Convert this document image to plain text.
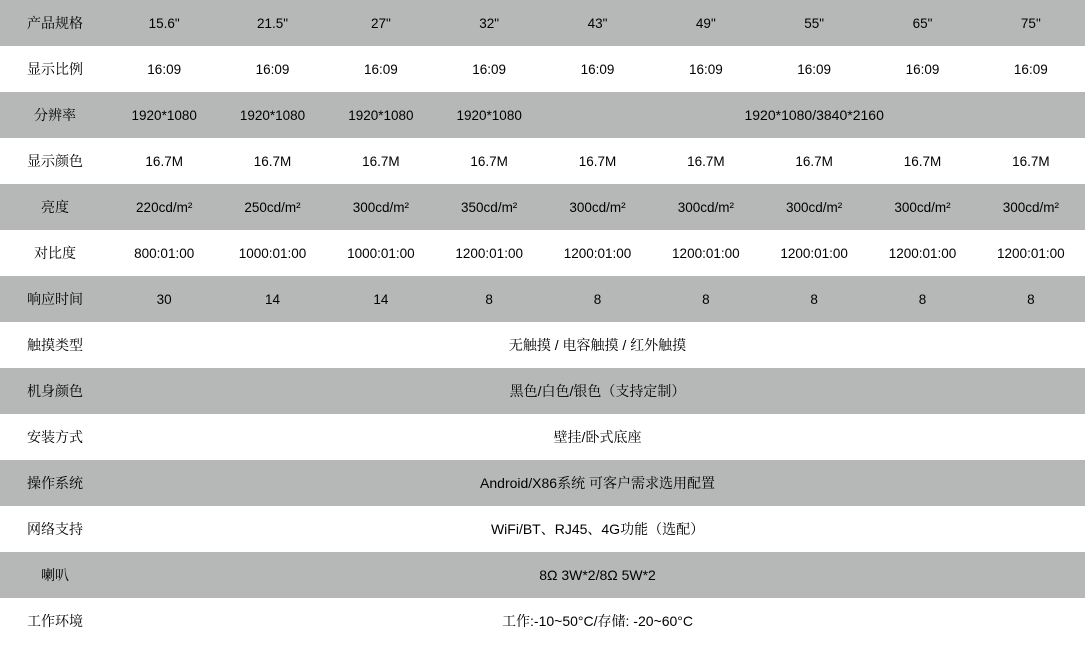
产品规格	15.6"	21.5"	27"	32"	43"	49"	55"	65"	75"
显示比例	16:09	16:09	16:09	16:09	16:09	16:09	16:09	16:09	16:09
分辨率	1920*1080	1920*1080	1920*1080	1920*1080	1920*1080/3840*2160				
显示颜色	16.7M	16.7M	16.7M	16.7M	16.7M	16.7M	16.7M	16.7M	16.7M
亮度	220cd/m²	250cd/m²	300cd/m²	350cd/m²	300cd/m²	300cd/m²	300cd/m²	300cd/m²	300cd/m²
对比度	800:01:00	1000:01:00	1000:01:00	1200:01:00	1200:01:00	1200:01:00	1200:01:00	1200:01:00	1200:01:00
响应时间	30	14	14	8	8	8	8	8	8
触摸类型	无触摸 / 电容触摸 / 红外触摸								
机身颜色	黑色/白色/银色（支持定制）								
安装方式	壁挂/卧式底座								
操作系统	Android/X86系统 可客户需求选用配置								
网络支持	WiFi/BT、RJ45、4G功能（选配）								
喇叭	8Ω 3W*2/8Ω 5W*2								
工作环境	工作:-10~50°C/存储: -20~60°C								
